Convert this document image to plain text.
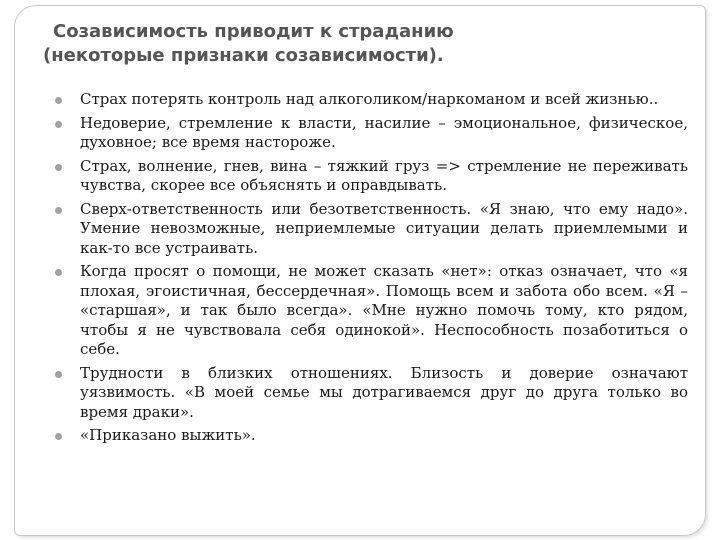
Созависимость приводит к страданию
(некоторые признаки созависимости).
Страх потерять контроль над алкоголиком/наркоманом и всей жизнью..
Недоверие, стремление к власти, насилие – эмоциональное, физическое, духовное; все время настороже.
Страх, волнение, гнев, вина – тяжкий груз => стремление не переживать чувства, скорее все объяснять и оправдывать.
Сверх-ответственность или безответственность. «Я знаю, что ему надо». Умение невозможные, неприемлемые ситуации делать приемлемыми и как-то все устраивать.
Когда просят о помощи, не может сказать «нет»: отказ означает, что «я плохая, эгоистичная, бессердечная». Помощь всем и забота обо всем. «Я – «старшая», и так было всегда». «Мне нужно помочь тому, кто рядом, чтобы я не чувствовала себя одинокой». Неспособность позаботиться о себе.
Трудности в близких отношениях. Близость и доверие означают уязвимость. «В моей семье мы дотрагиваемся друг до друга только во время драки».
«Приказано выжить».
